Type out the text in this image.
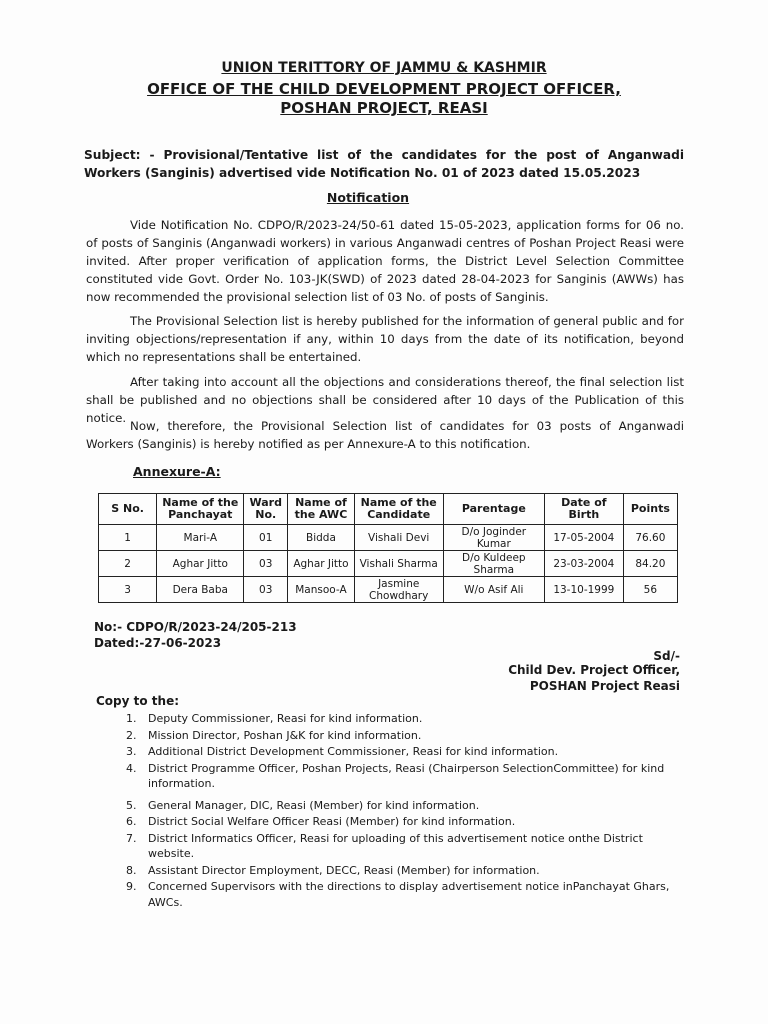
UNION TERITTORY OF JAMMU & KASHMIR
OFFICE OF THE CHILD DEVELOPMENT PROJECT OFFICER,
POSHAN PROJECT, REASI
Subject: - Provisional/Tentative list of the candidates for the post of Anganwadi Workers (Sanginis) advertised vide Notification No. 01 of 2023 dated 15.05.2023
Notification
Vide Notification No. CDPO/R/2023-24/50-61 dated 15-05-2023, application forms for 06 no. of posts of Sanginis (Anganwadi workers) in various Anganwadi centres of Poshan Project Reasi were invited. After proper verification of application forms, the District Level Selection Committee constituted vide Govt. Order No. 103-JK(SWD) of 2023 dated 28-04-2023 for Sanginis (AWWs) has now recommended the provisional selection list of 03 No. of posts of Sanginis.
The Provisional Selection list is hereby published for the information of general public and for inviting objections/representation if any, within 10 days from the date of its notification, beyond which no representations shall be entertained.
After taking into account all the objections and considerations thereof, the final selection list shall be published and no objections shall be considered after 10 days of the Publication of this notice.
Now, therefore, the Provisional Selection list of candidates for 03 posts of Anganwadi Workers (Sanginis) is hereby notified as per Annexure-A to this notification.
Annexure-A:
S No.	Name of the Panchayat	Ward No.	Name of the AWC	Name of the Candidate	Parentage	Date of Birth	Points
1	Mari-A	01	Bidda	Vishali Devi	D/o Joginder Kumar	17-05-2004	76.60
2	Aghar Jitto	03	Aghar Jitto	Vishali Sharma	D/o Kuldeep Sharma	23-03-2004	84.20
3	Dera Baba	03	Mansoo-A	Jasmine Chowdhary	W/o Asif Ali	13-10-1999	56
No:- CDPO/R/2023-24/205-213
Dated:-27-06-2023
Sd/-
Child Dev. Project Officer,
POSHAN Project Reasi
Copy to the:
1. Deputy Commissioner, Reasi for kind information.
2. Mission Director, Poshan J&K for kind information.
3. Additional District Development Commissioner, Reasi for kind information.
4. District Programme Officer, Poshan Projects, Reasi (Chairperson SelectionCommittee) for kind information.
5. General Manager, DIC, Reasi (Member) for kind information.
6. District Social Welfare Officer Reasi (Member) for kind information.
7. District Informatics Officer, Reasi for uploading of this advertisement notice onthe District website.
8. Assistant Director Employment, DECC, Reasi (Member) for information.
9. Concerned Supervisors with the directions to display advertisement notice inPanchayat Ghars, AWCs.
